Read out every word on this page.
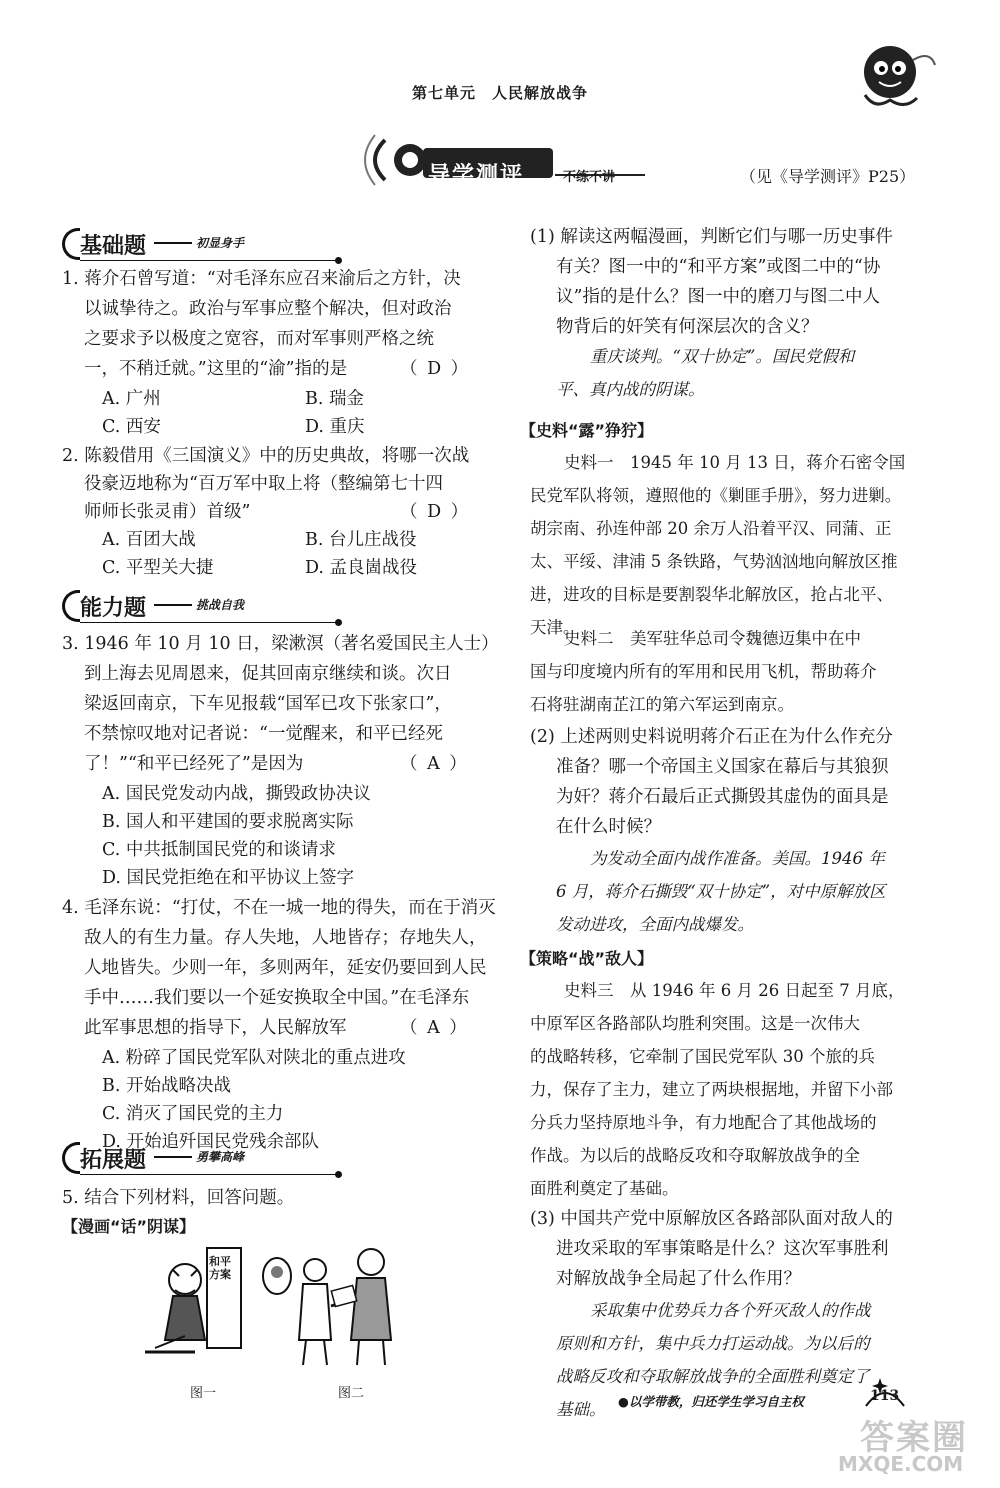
第七单元　人民解放战争
导学测评	不练不讲	（见《导学测评》P25）
基础题	初显身手
1. 蒋介石曾写道：“对毛泽东应召来渝后之方针，决
以诚挚待之。政治与军事应整个解决，但对政治
之要求予以极度之宽容，而对军事则严格之统
一，不稍迁就。”这里的“渝”指的是	（ D ）
A. 广州	B. 瑞金
C. 西安	D. 重庆
2. 陈毅借用《三国演义》中的历史典故，将哪一次战
役豪迈地称为“百万军中取上将（整编第七十四
师师长张灵甫）首级”	（ D ）
A. 百团大战	B. 台儿庄战役
C. 平型关大捷	D. 孟良崮战役
能力题	挑战自我
3. 1946 年 10 月 10 日，梁漱溟（著名爱国民主人士）
到上海去见周恩来，促其回南京继续和谈。次日
梁返回南京，下车见报载“国军已攻下张家口”，
不禁惊叹地对记者说：“一觉醒来，和平已经死
了！”“和平已经死了”是因为	（ A ）
A. 国民党发动内战，撕毁政协决议
B. 国人和平建国的要求脱离实际
C. 中共抵制国民党的和谈请求
D. 国民党拒绝在和平协议上签字
4. 毛泽东说：“打仗，不在一城一地的得失，而在于消灭
敌人的有生力量。存人失地，人地皆存；存地失人，
人地皆失。少则一年，多则两年，延安仍要回到人民
手中……我们要以一个延安换取全中国。”在毛泽东
此军事思想的指导下，人民解放军	（ A ）
A. 粉碎了国民党军队对陕北的重点进攻
B. 开始战略决战
C. 消灭了国民党的主力
D. 开始追歼国民党残余部队
拓展题	勇攀高峰
5. 结合下列材料，回答问题。
【漫画“话”阴谋】
和平方案
图一	图二
(1) 解读这两幅漫画，判断它们与哪一历史事件
有关？图一中的“和平方案”或图二中的“协
议”指的是什么？图一中的磨刀与图二中人
物背后的奸笑有何深层次的含义？
重庆谈判。“双十协定”。国民党假和
平、真内战的阴谋。
【史料“露”狰狞】
史料一　1945 年 10 月 13 日，蒋介石密令国
民党军队将领，遵照他的《剿匪手册》，努力进剿。
胡宗南、孙连仲部 20 余万人沿着平汉、同蒲、正
太、平绥、津浦 5 条铁路，气势汹汹地向解放区推
进，进攻的目标是要割裂华北解放区，抢占北平、
天津。
史料二　美军驻华总司令魏德迈集中在中
国与印度境内所有的军用和民用飞机，帮助蒋介
石将驻湖南芷江的第六军运到南京。
(2) 上述两则史料说明蒋介石正在为什么作充分
准备？哪一个帝国主义国家在幕后与其狼狈
为奸？蒋介石最后正式撕毁其虚伪的面具是
在什么时候？
为发动全面内战作准备。美国。1946 年
6 月，蒋介石撕毁“双十协定”，对中原解放区
发动进攻，全面内战爆发。
【策略“战”敌人】
史料三　从 1946 年 6 月 26 日起至 7 月底，
中原军区各路部队均胜利突围。这是一次伟大
的战略转移，它牵制了国民党军队 30 个旅的兵
力，保存了主力，建立了两块根据地，并留下小部
分兵力坚持原地斗争，有力地配合了其他战场的
作战。为以后的战略反攻和夺取解放战争的全
面胜利奠定了基础。
(3) 中国共产党中原解放区各路部队面对敌人的
进攻采取的军事策略是什么？这次军事胜利
对解放战争全局起了什么作用？
采取集中优势兵力各个歼灭敌人的作战
原则和方针，集中兵力打运动战。为以后的
战略反攻和夺取解放战争的全面胜利奠定了
基础。	●以学带教，归还学生学习自主权	113
答案圈
MXQE.COM
